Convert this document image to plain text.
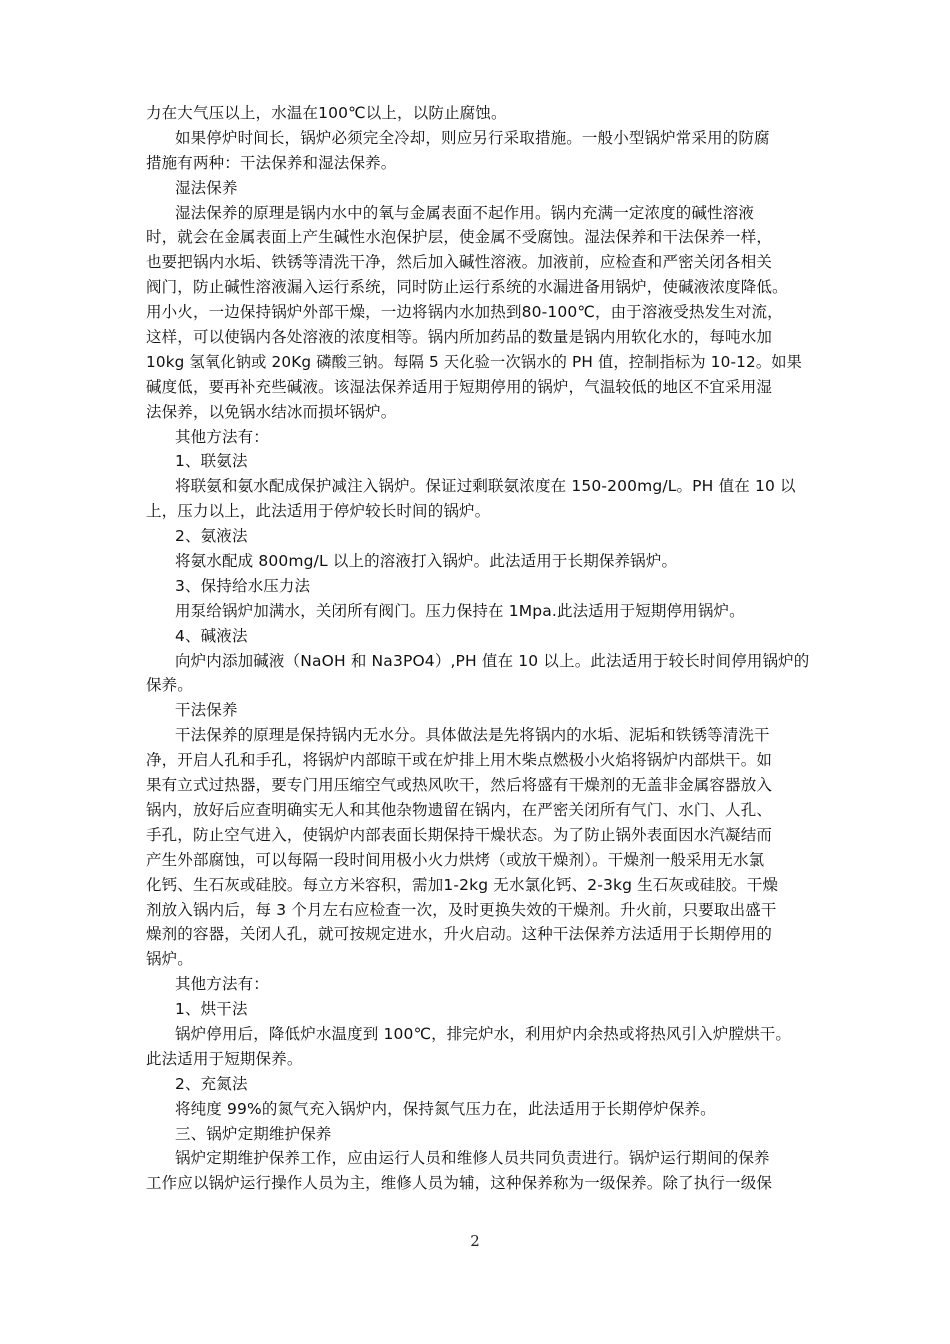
力在大气压以上，水温在100℃以上，以防止腐蚀。
如果停炉时间长，锅炉必须完全冷却，则应另行采取措施。一般小型锅炉常采用的防腐
措施有两种：干法保养和湿法保养。
湿法保养
湿法保养的原理是锅内水中的氧与金属表面不起作用。锅内充满一定浓度的碱性溶液
时，就会在金属表面上产生碱性水泡保护层，使金属不受腐蚀。湿法保养和干法保养一样，
也要把锅内水垢、铁锈等清洗干净，然后加入碱性溶液。加液前，应检查和严密关闭各相关
阀门，防止碱性溶液漏入运行系统，同时防止运行系统的水漏进备用锅炉，使碱液浓度降低。
用小火，一边保持锅炉外部干燥，一边将锅内水加热到80-100℃，由于溶液受热发生对流，
这样，可以使锅内各处溶液的浓度相等。锅内所加药品的数量是锅内用软化水的，每吨水加
10kg 氢氧化钠或 20Kg 磷酸三钠。每隔 5 天化验一次锅水的 PH 值，控制指标为 10-12。如果
碱度低，要再补充些碱液。该湿法保养适用于短期停用的锅炉，气温较低的地区不宜采用湿
法保养，以免锅水结冰而损坏锅炉。
其他方法有：
1、联氨法
将联氨和氨水配成保护减注入锅炉。保证过剩联氨浓度在 150-200mg/L。PH 值在 10 以
上，压力以上，此法适用于停炉较长时间的锅炉。
2、氨液法
将氨水配成 800mg/L 以上的溶液打入锅炉。此法适用于长期保养锅炉。
3、保持给水压力法
用泵给锅炉加满水，关闭所有阀门。压力保持在 1Mpa.此法适用于短期停用锅炉。
4、碱液法
向炉内添加碱液（NaOH 和 Na3PO4）,PH 值在 10 以上。此法适用于较长时间停用锅炉的
保养。
干法保养
干法保养的原理是保持锅内无水分。具体做法是先将锅内的水垢、泥垢和铁锈等清洗干
净，开启人孔和手孔，将锅炉内部晾干或在炉排上用木柴点燃极小火焰将锅炉内部烘干。如
果有立式过热器，要专门用压缩空气或热风吹干，然后将盛有干燥剂的无盖非金属容器放入
锅内，放好后应查明确实无人和其他杂物遗留在锅内，在严密关闭所有气门、水门、人孔、
手孔，防止空气进入，使锅炉内部表面长期保持干燥状态。为了防止锅外表面因水汽凝结而
产生外部腐蚀，可以每隔一段时间用极小火力烘烤（或放干燥剂）。干燥剂一般采用无水氯
化钙、生石灰或硅胶。每立方米容积，需加1-2kg 无水氯化钙、2-3kg 生石灰或硅胶。干燥
剂放入锅内后，每 3 个月左右应检查一次，及时更换失效的干燥剂。升火前，只要取出盛干
燥剂的容器，关闭人孔，就可按规定进水，升火启动。这种干法保养方法适用于长期停用的
锅炉。
其他方法有：
1、烘干法
锅炉停用后，降低炉水温度到 100℃，排完炉水，利用炉内余热或将热风引入炉膛烘干。
此法适用于短期保养。
2、充氮法
将纯度 99%的氮气充入锅炉内，保持氮气压力在，此法适用于长期停炉保养。
三、锅炉定期维护保养
锅炉定期维护保养工作，应由运行人员和维修人员共同负责进行。锅炉运行期间的保养
工作应以锅炉运行操作人员为主，维修人员为辅，这种保养称为一级保养。除了执行一级保
2
